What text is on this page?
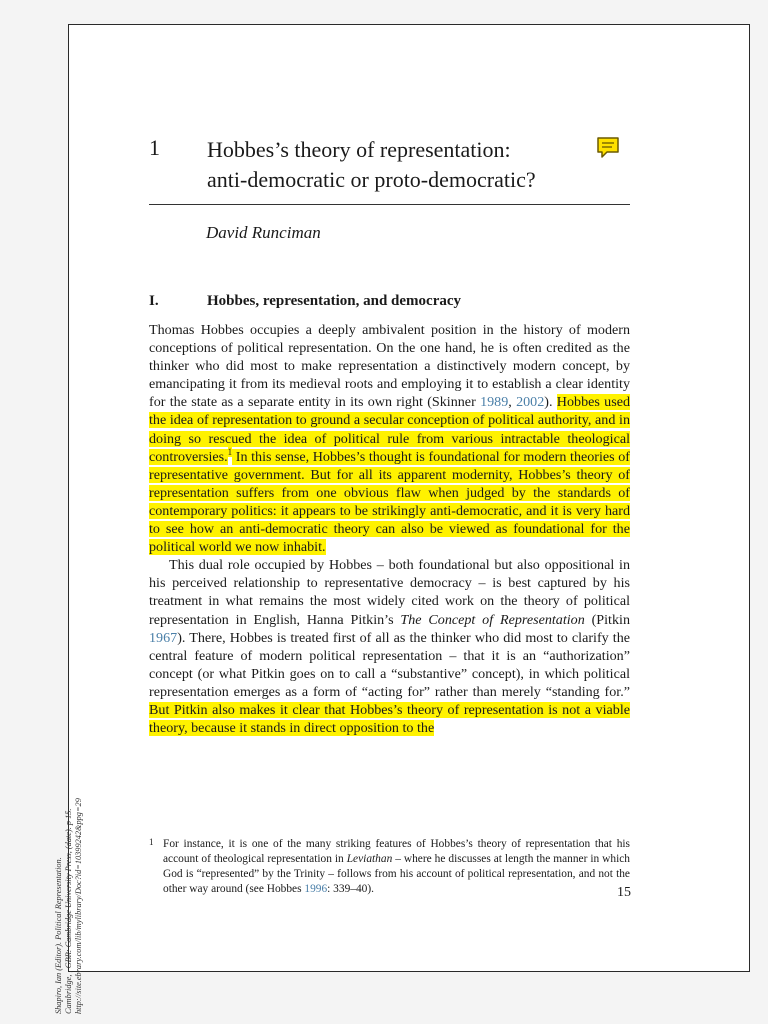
1 Hobbes’s theory of representation:
anti-democratic or proto-democratic?
David Runciman
I.	Hobbes, representation, and democracy

Thomas Hobbes occupies a deeply ambivalent position in the history of modern conceptions of political representation. On the one hand, he is often credited as the thinker who did most to make representation a distinctively modern concept, by emancipating it from its medieval roots and employing it to establish a clear identity for the state as a separate entity in its own right (Skinner 1989, 2002). Hobbes used the idea of representation to ground a secular conception of political authority, and in doing so rescued the idea of political rule from various intractable theological controversies.$^1$ In this sense, Hobbes’s thought is foundational for modern theories of representative government. But for all its apparent modernity, Hobbes’s theory of representation suffers from one obvious flaw when judged by the standards of contemporary politics: it appears to be strikingly anti-democratic, and it is very hard to see how an anti-democratic theory can also be viewed as foundational for the political world we now inhabit.

This dual role occupied by Hobbes – both foundational but also oppositional in his perceived relationship to representative democracy – is best captured by his treatment in what remains the most widely cited work on the theory of political representation in English, Hanna Pitkin’s The Concept of Representation (Pitkin 1967). There, Hobbes is treated first of all as the thinker who did most to clarify the central feature of modern political representation – that it is an “authorization” concept (or what Pitkin goes on to call a “substantive” concept), in which political representation emerges as a form of “acting for” rather than merely “standing for.” But Pitkin also makes it clear that Hobbes’s theory of representation is not a viable theory, because it stands in direct opposition to the

1 For instance, it is one of the many striking features of Hobbes’s theory of representation that his account of theological representation in Leviathan – where he discusses at length the manner in which God is “represented” by the Trinity – follows from his account of political representation, and not the other way around (see Hobbes 1996: 339–40).	15
Shapiro, Ian (Editor). Political Representation. Cambridge, , GBR: Cambridge University Press, (date). p 15. http://site.ebrary.com/lib/mylibrary/Doc?id=10399242&ppg=29
